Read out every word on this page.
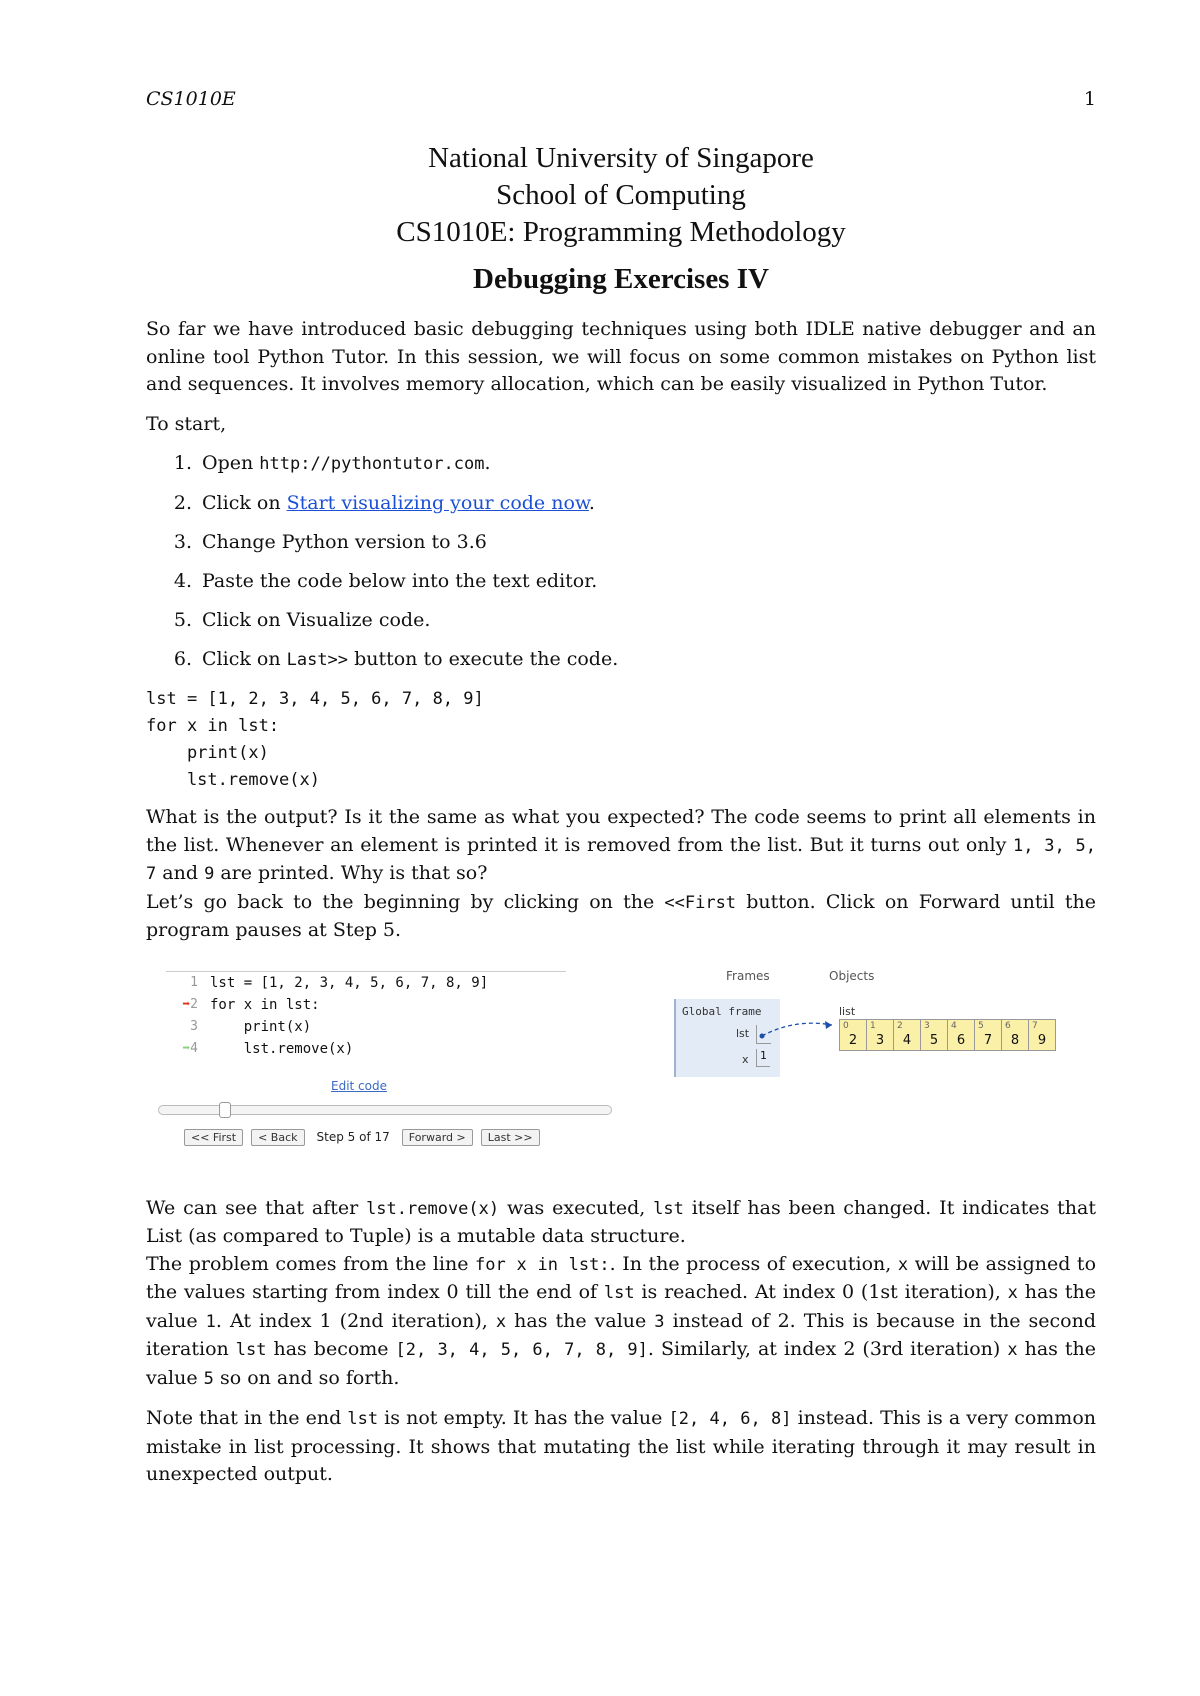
CS1010E	1
National University of Singapore
School of Computing
CS1010E: Programming Methodology
Debugging Exercises IV

So far we have introduced basic debugging techniques using both IDLE native debugger and an online tool Python Tutor. In this session, we will focus on some common mistakes on Python list and sequences. It involves memory allocation, which can be easily visualized in Python Tutor.

To start,

1. Open http://pythontutor.com.
2. Click on Start visualizing your code now.
3. Change Python version to 3.6
4. Paste the code below into the text editor.
5. Click on Visualize code.
6. Click on Last>> button to execute the code.
lst = [1, 2, 3, 4, 5, 6, 7, 8, 9]
for x in lst:
print(x)
lst.remove(x)

What is the output? Is it the same as what you expected? The code seems to print all elements in the list. Whenever an element is printed it is removed from the list. But it turns out only 1, 3, 5, 7 and 9 are printed. Why is that so?

Let’s go back to the beginning by clicking on the <<First button. Click on Forward until the program pauses at Step 5.

1 lst = [1, 2, 3, 4, 5, 6, 7, 8, 9]
➡2 for x in lst:
3 print(x)
➡4 lst.remove(x)
Edit code
<< First	< Back	Step 5 of 17	Forward >	Last >>
Frames	Objects
Global frame
lst
x	1
list
0
2
1
3
2
4
3
5
4
6
5
7
6
8
7
9

We can see that after lst.remove(x) was executed, lst itself has been changed. It indicates that List (as compared to Tuple) is a mutable data structure.

The problem comes from the line for x in lst:. In the process of execution, x will be assigned to the values starting from index 0 till the end of lst is reached. At index 0 (1st iteration), x has the value 1. At index 1 (2nd iteration), x has the value 3 instead of 2. This is because in the second iteration lst has become [2, 3, 4, 5, 6, 7, 8, 9]. Similarly, at index 2 (3rd iteration) x has the value 5 so on and so forth.

Note that in the end lst is not empty. It has the value [2, 4, 6, 8] instead. This is a very common mistake in list processing. It shows that mutating the list while iterating through it may result in unexpected output.
